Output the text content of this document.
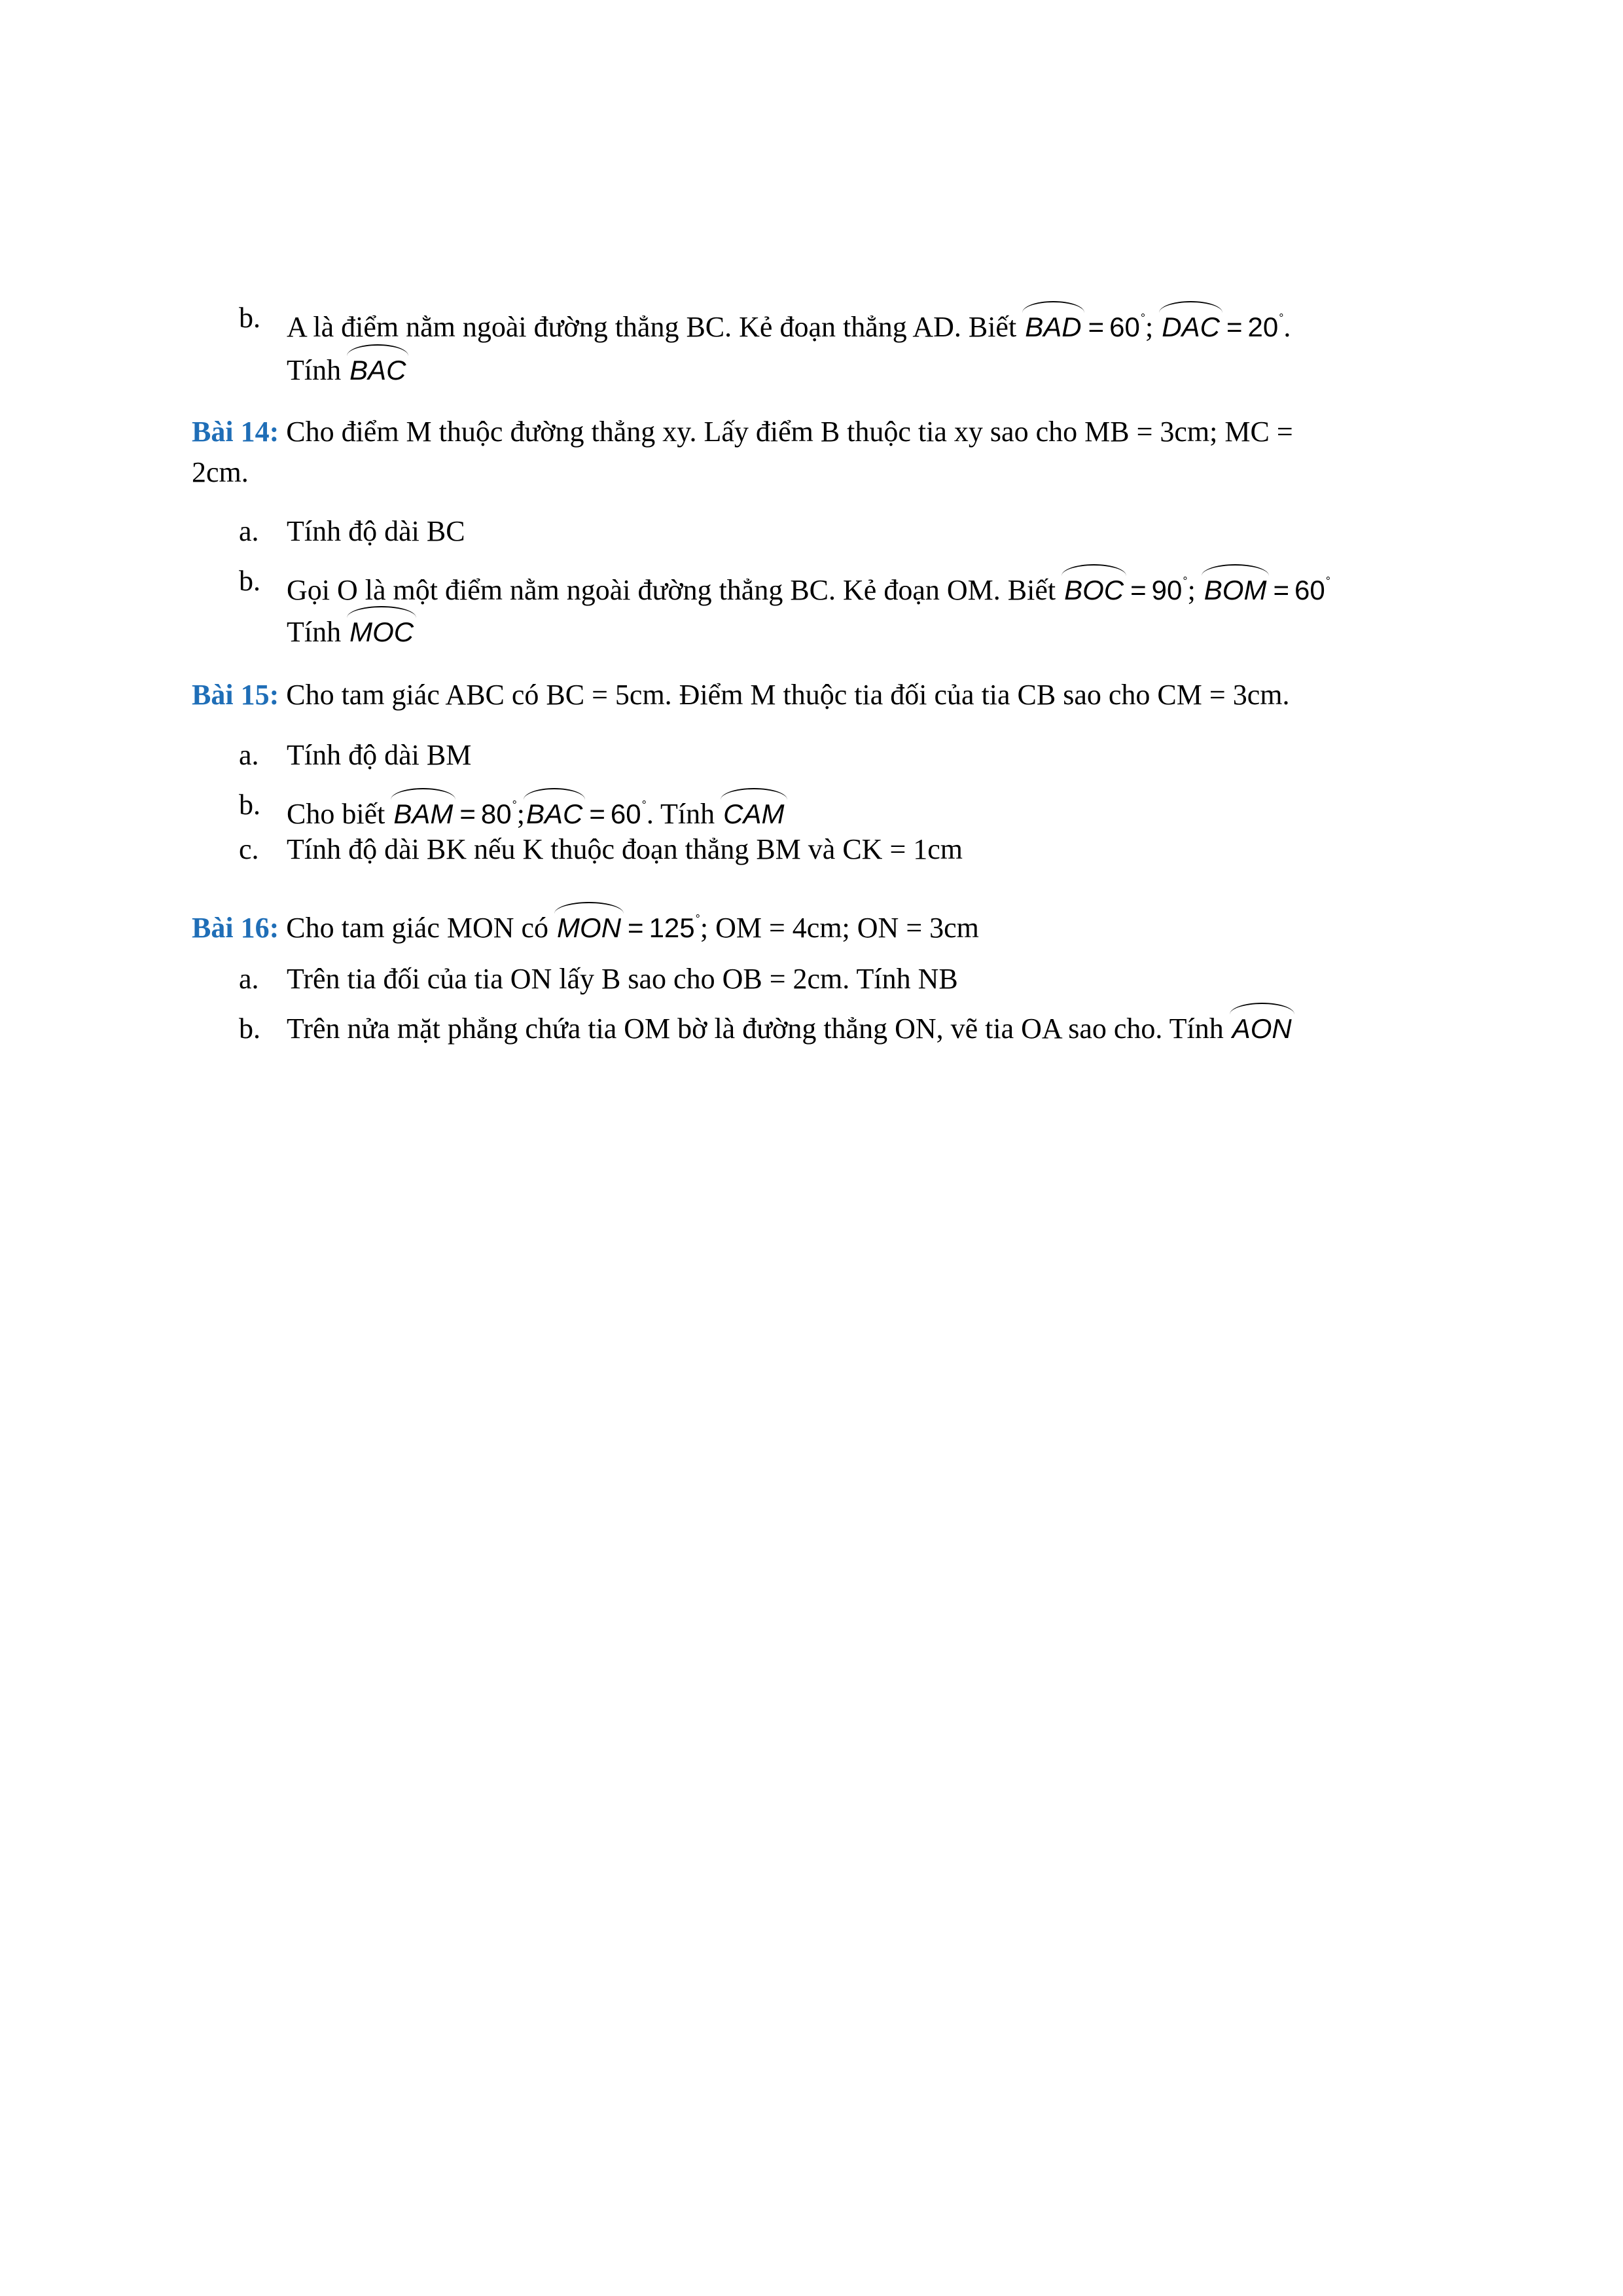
b. A là điểm nằm ngoài đường thẳng BC. Kẻ đoạn thẳng AD. Biết BAD = 60°; DAC = 20°.
Tính BAC
Bài 14: Cho điểm M thuộc đường thẳng xy. Lấy điểm B thuộc tia xy sao cho MB = 3cm; MC =
2cm.
a. Tính độ dài BC
b. Gọi O là một điểm nằm ngoài đường thẳng BC. Kẻ đoạn OM. Biết BOC = 90°; BOM = 60°
Tính MOC
Bài 15: Cho tam giác ABC có BC = 5cm. Điểm M thuộc tia đối của tia CB sao cho CM = 3cm.
a. Tính độ dài BM
b. Cho biết BAM = 80°;BAC = 60°. Tính CAM
c. Tính độ dài BK nếu K thuộc đoạn thẳng BM và CK = 1cm
Bài 16: Cho tam giác MON có MON = 125°; OM = 4cm; ON = 3cm
a. Trên tia đối của tia ON lấy B sao cho OB = 2cm. Tính NB
b. Trên nửa mặt phẳng chứa tia OM bờ là đường thẳng ON, vẽ tia OA sao cho. Tính AON
